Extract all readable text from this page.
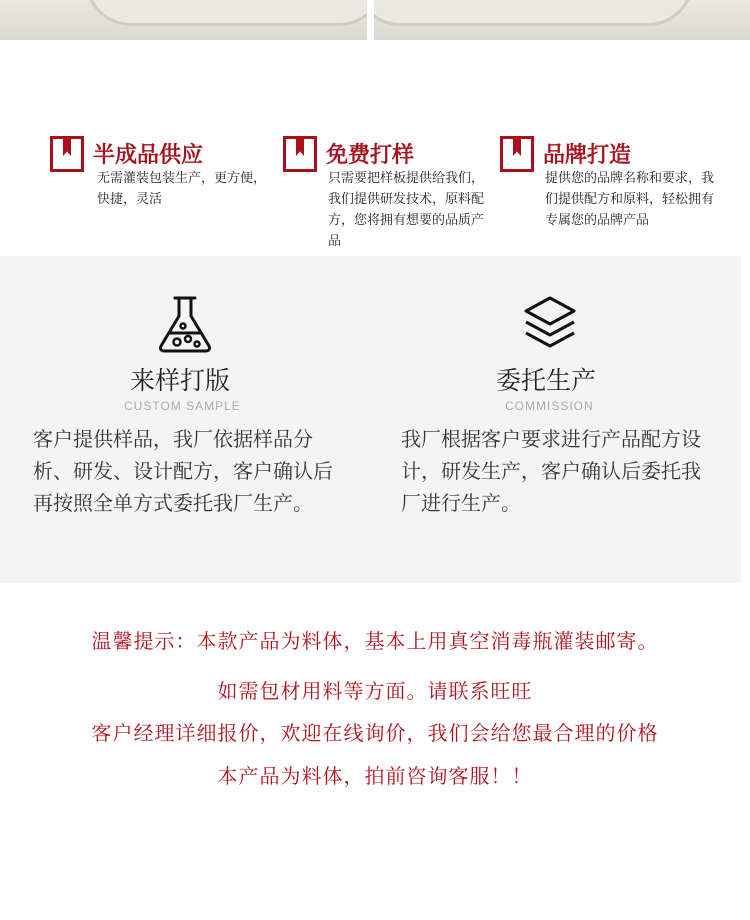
半成品供应
无需灌装包装生产，更方便，快捷，灵活
免费打样
只需要把样板提供给我们，我们提供研发技术，原料配方，您将拥有想要的品质产品
品牌打造
提供您的品牌名称和要求，我们提供配方和原料，轻松拥有专属您的品牌产品
来样打版
CUSTOM SAMPLE
客户提供样品，我厂依据样品分析、研发、设计配方，客户确认后再按照全单方式委托我厂生产。
委托生产
COMMISSION
我厂根据客户要求进行产品配方设计，研发生产，客户确认后委托我厂进行生产。
温馨提示：本款产品为料体，基本上用真空消毒瓶灌装邮寄。
如需包材用料等方面。请联系旺旺
客户经理详细报价，欢迎在线询价，我们会给您最合理的价格
本产品为料体，拍前咨询客服！！
